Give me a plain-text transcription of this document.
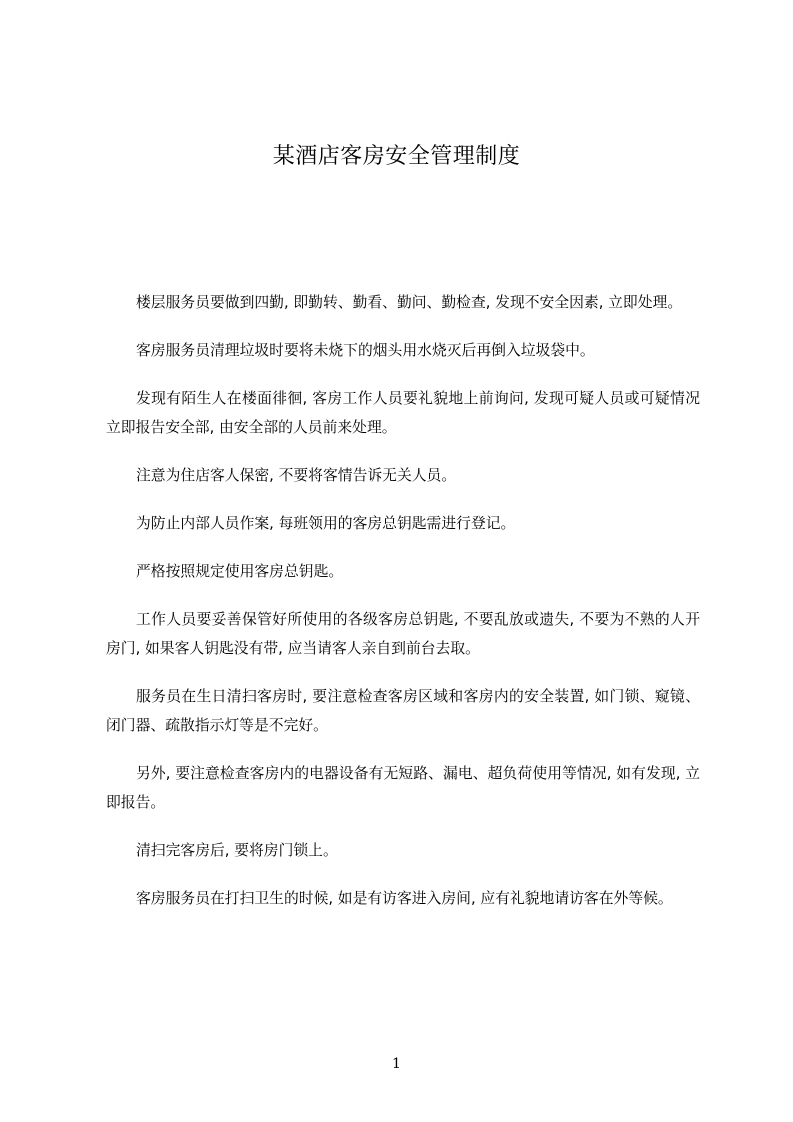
某酒店客房安全管理制度

楼层服务员要做到四勤, 即勤转、勤看、勤问、勤检查, 发现不安全因素, 立即处理。

客房服务员清理垃圾时要将未烧下的烟头用水烧灭后再倒入垃圾袋中。

发现有陌生人在楼面徘徊, 客房工作人员要礼貌地上前询问, 发现可疑人员或可疑情况立即报告安全部, 由安全部的人员前来处理。

注意为住店客人保密, 不要将客情告诉无关人员。

为防止内部人员作案, 每班领用的客房总钥匙需进行登记。

严格按照规定使用客房总钥匙。

工作人员要妥善保管好所使用的各级客房总钥匙, 不要乱放或遗失, 不要为不熟的人开房门, 如果客人钥匙没有带, 应当请客人亲自到前台去取。

服务员在生日清扫客房时, 要注意检查客房区域和客房内的安全装置, 如门锁、窥镜、闭门器、疏散指示灯等是不完好。

另外, 要注意检查客房内的电器设备有无短路、漏电、超负荷使用等情况, 如有发现, 立即报告。

清扫完客房后, 要将房门锁上。

客房服务员在打扫卫生的时候, 如是有访客进入房间, 应有礼貌地请访客在外等候。

1
